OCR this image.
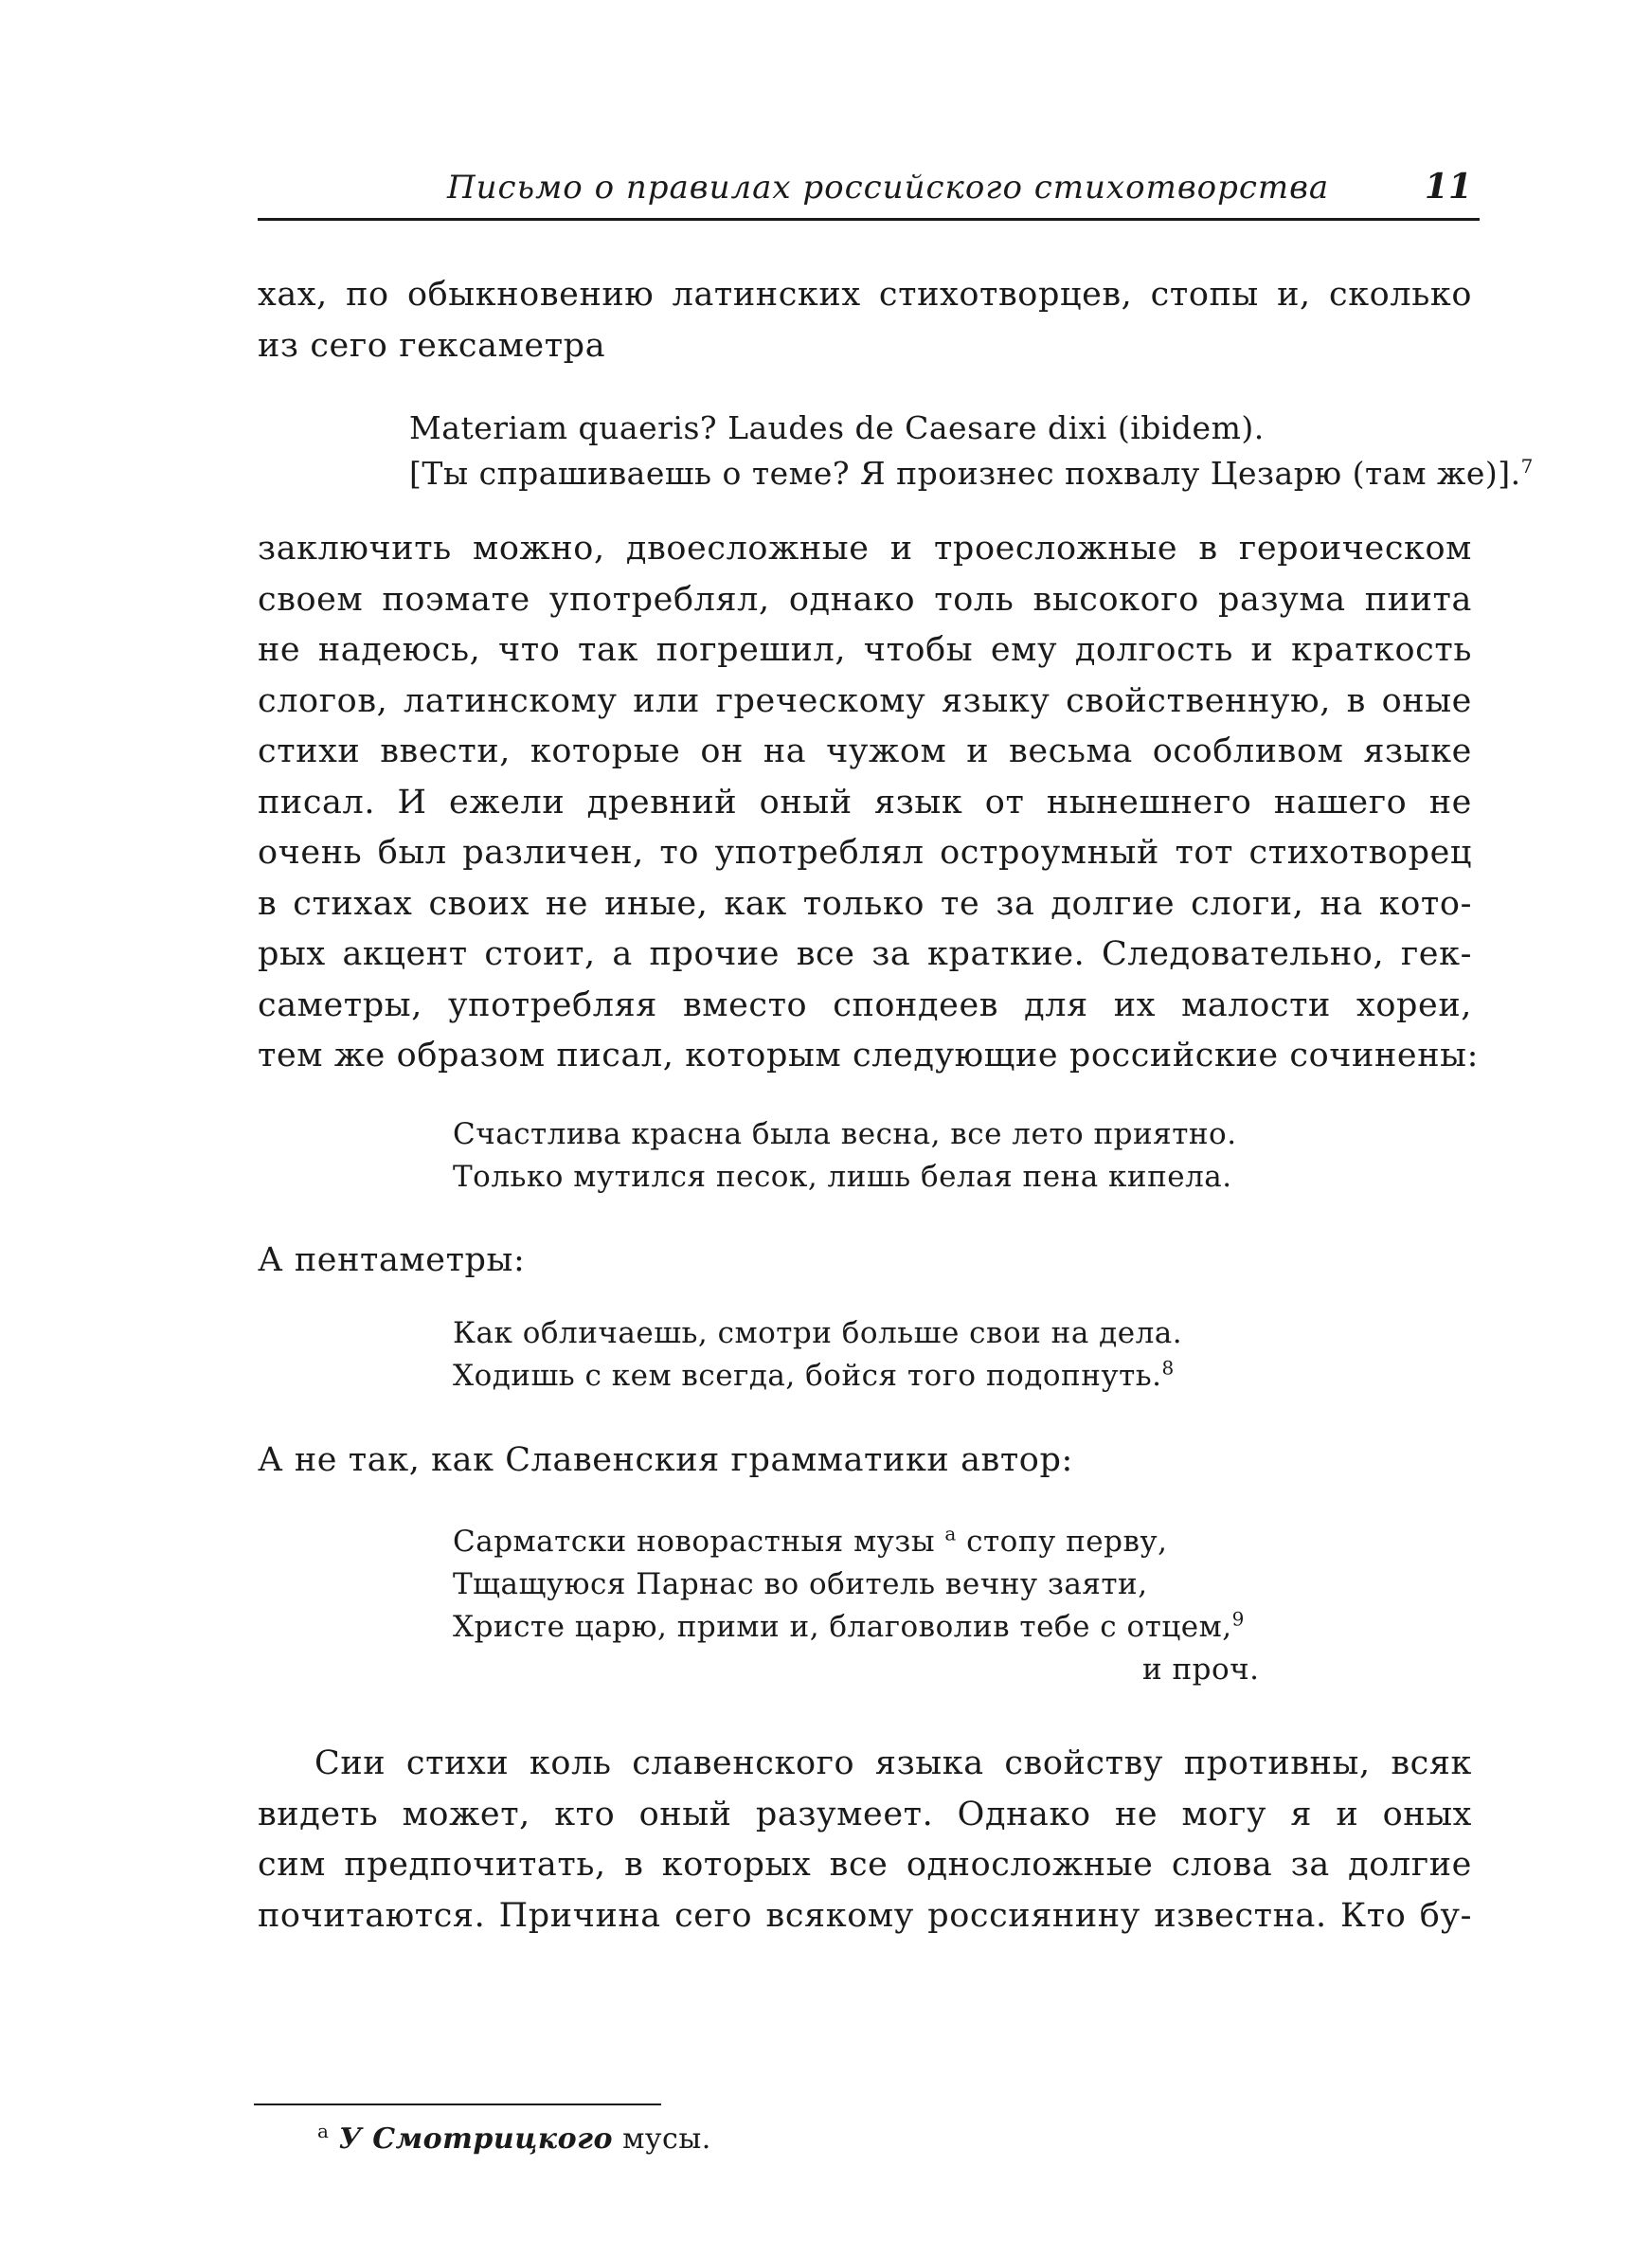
Письмо о правилах российского стихотворства	11
хах, по обыкновению латинских стихотворцев, стопы и, сколько
из сего гексаметра
Materiam quaeris? Laudes de Caesare dixi (ibidem).
[Ты спрашиваешь о теме? Я произнес похвалу Цезарю (там же)].$^7$
заключить можно, двоесложные и троесложные в героическом
своем поэмате употреблял, однако толь высокого разума пиита
не надеюсь, что так погрешил, чтобы ему долгость и краткость
слогов, латинскому или греческому языку свойственную, в оные
стихи ввести, которые он на чужом и весьма особливом языке
писал. И ежели древний оный язык от нынешнего нашего не
очень был различен, то употреблял остроумный тот стихотворец
в стихах своих не иные, как только те за долгие слоги, на кото-
рых акцент стоит, а прочие все за краткие. Следовательно, гек-
саметры, употребляя вместо спондеев для их малости хореи,
тем же образом писал, которым следующие российские сочинены:
Счастлива красна была весна, все лето приятно.
Только мутился песок, лишь белая пена кипела.
А пентаметры:
Как обличаешь, смотри больше свои на дела.
Ходишь с кем всегда, бойся того подопнуть.$^8$
А не так, как Славенския грамматики автор:
Сарматски новорастныя музы $^а$ стопу перву,
Тщащуюся Парнас во обитель вечну заяти,
Христе царю, прими и, благоволив тебе с отцем,$^9$
и проч.
Сии стихи коль славенского языка свойству противны, всяк
видеть может, кто оный разумеет. Однако не могу я и оных
сим предпочитать, в которых все односложные слова за долгие
почитаются. Причина сего всякому россиянину известна. Кто бу-
$^а$ У Смотрицкого мусы.
